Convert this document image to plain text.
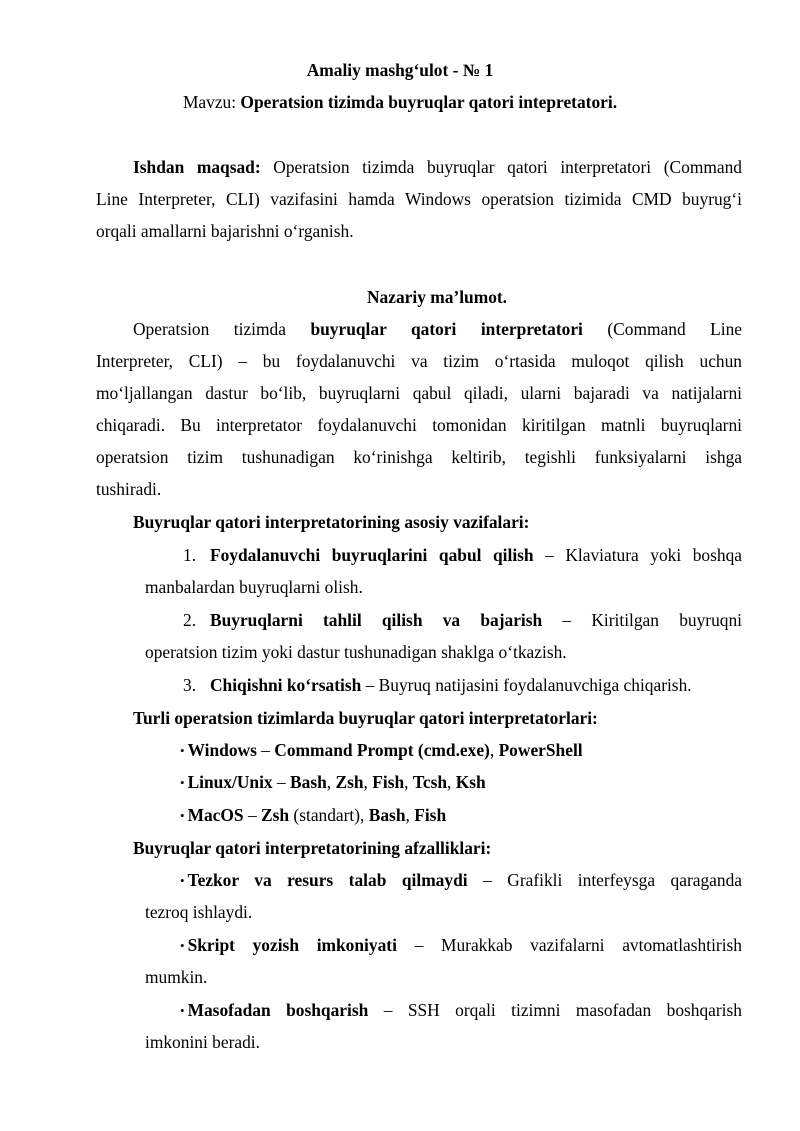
Amaliy mashg‘ulot - № 1
Mavzu: Operatsion tizimda buyruqlar qatori intepretatori.
Ishdan maqsad: Operatsion tizimda buyruqlar qatori interpretatori (Command
Line Interpreter, CLI) vazifasini hamda Windows operatsion tizimida CMD buyrug‘i
orqali amallarni bajarishni o‘rganish.
Nazariy ma’lumot.
Operatsion tizimda buyruqlar qatori interpretatori (Command Line
Interpreter, CLI) – bu foydalanuvchi va tizim o‘rtasida muloqot qilish uchun
mo‘ljallangan dastur bo‘lib, buyruqlarni qabul qiladi, ularni bajaradi va natijalarni
chiqaradi. Bu interpretator foydalanuvchi tomonidan kiritilgan matnli buyruqlarni
operatsion tizim tushunadigan ko‘rinishga keltirib, tegishli funksiyalarni ishga
tushiradi.
Buyruqlar qatori interpretatorining asosiy vazifalari:
1. Foydalanuvchi buyruqlarini qabul qilish – Klaviatura yoki boshqa
manbalardan buyruqlarni olish.
2. Buyruqlarni tahlil qilish va bajarish – Kiritilgan buyruqni
operatsion tizim yoki dastur tushunadigan shaklga o‘tkazish.
3. Chiqishni ko‘rsatish – Buyruq natijasini foydalanuvchiga chiqarish.
Turli operatsion tizimlarda buyruqlar qatori interpretatorlari:
• Windows – Command Prompt (cmd.exe), PowerShell
• Linux/Unix – Bash, Zsh, Fish, Tcsh, Ksh
• MacOS – Zsh (standart), Bash, Fish
Buyruqlar qatori interpretatorining afzalliklari:
• Tezkor va resurs talab qilmaydi – Grafikli interfeysga qaraganda
tezroq ishlaydi.
• Skript yozish imkoniyati – Murakkab vazifalarni avtomatlashtirish
mumkin.
• Masofadan boshqarish – SSH orqali tizimni masofadan boshqarish
imkonini beradi.
